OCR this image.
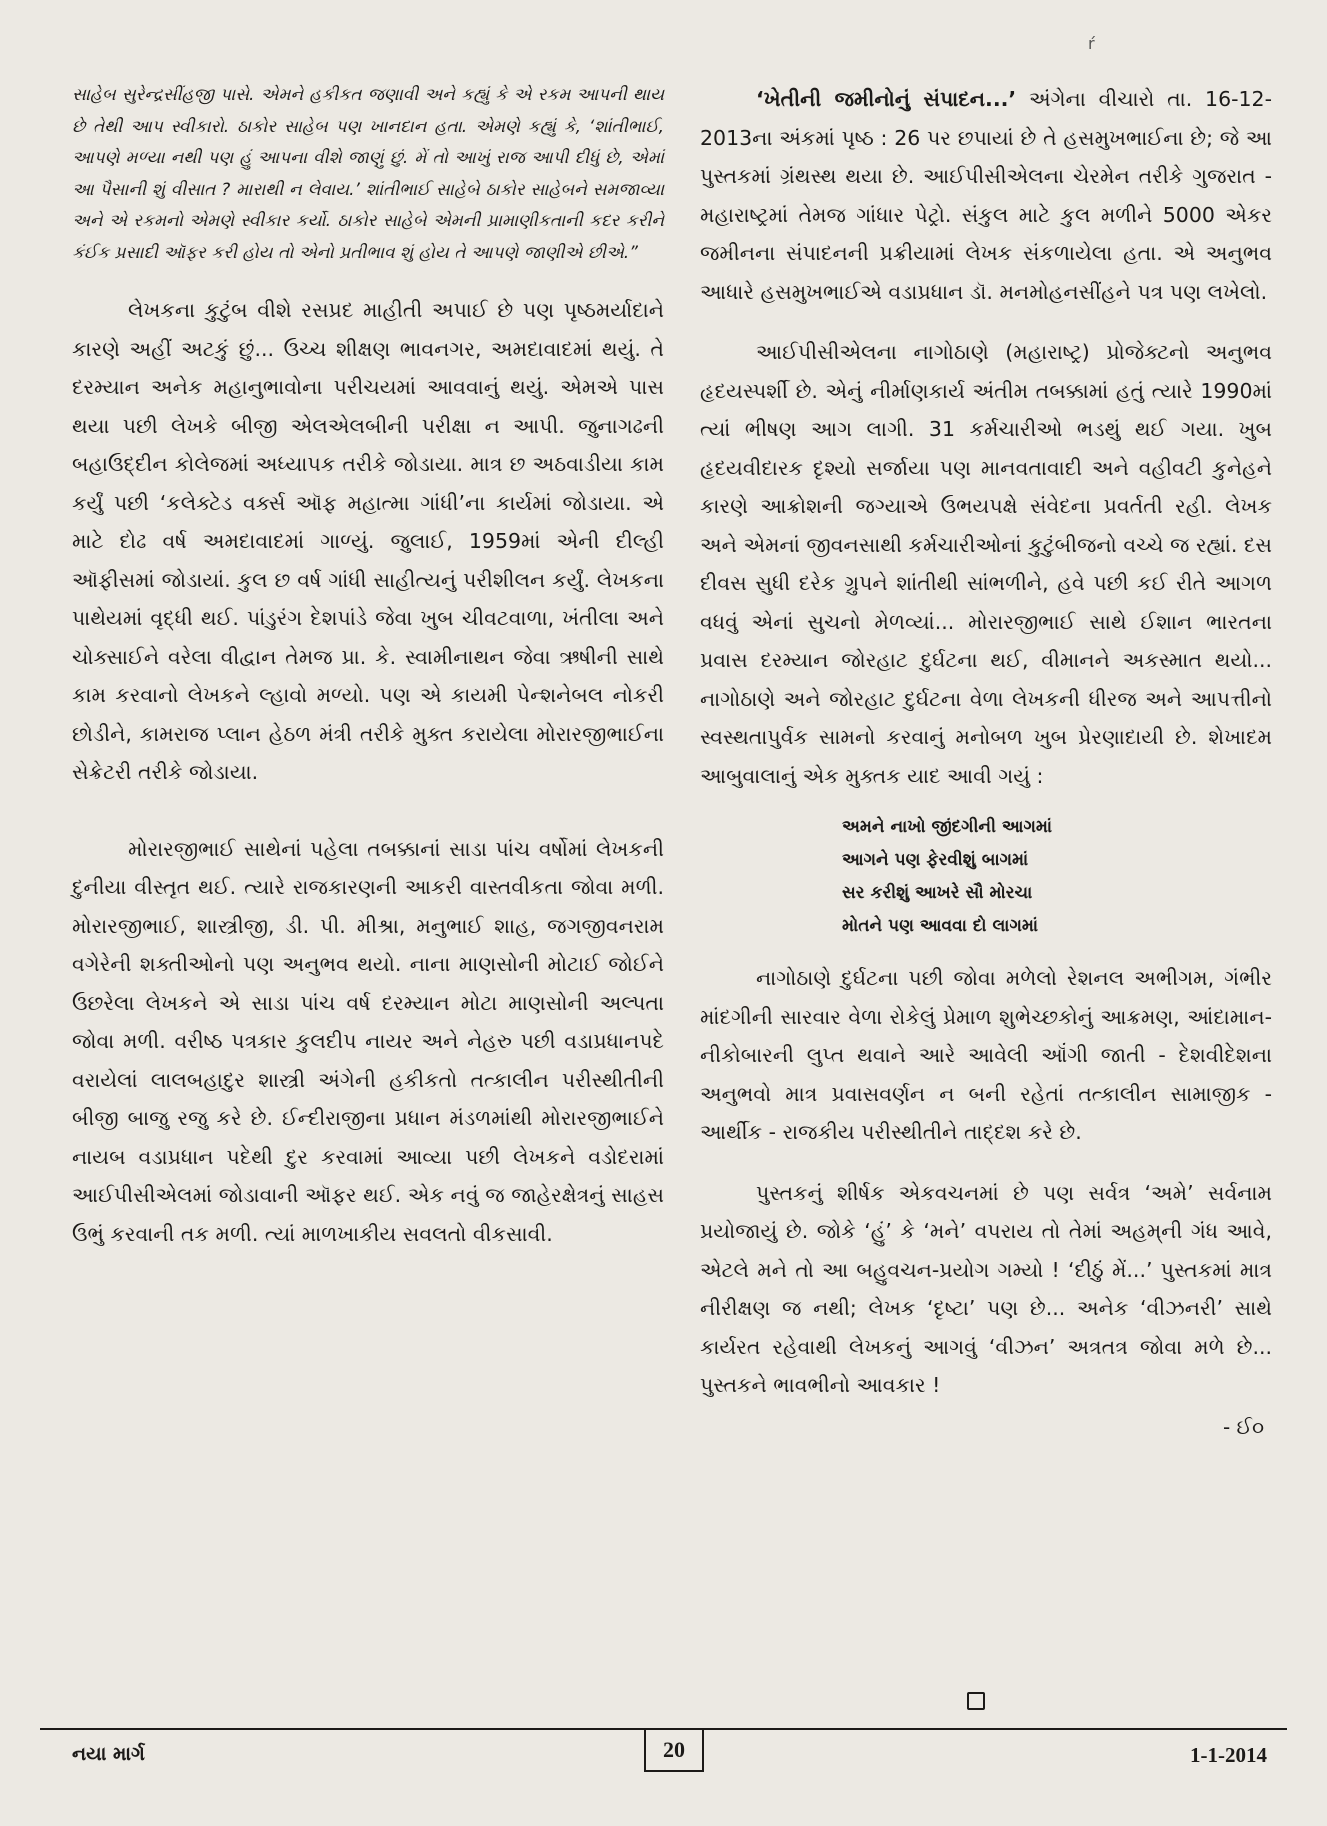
ŕ

સાહેબ સુરેન્દ્રસીંહજી પાસે. એમને હકીકત જણાવી અને કહ્યું કે એ રકમ આપની થાય છે તેથી આપ સ્વીકારો. ઠાકોર સાહેબ પણ ખાનદાન હતા. એમણે કહ્યું કે, ‘શાંતીભાઈ, આપણે મળ્યા નથી પણ હું આપના વીશે જાણું છું. મેં તો આખું રાજ આપી દીધું છે, એમાં આ પૈસાની શું વીસાત ? મારાથી ન લેવાય.’ શાંતીભાઈ સાહેબે ઠાકોર સાહેબને સમજાવ્યા અને એ રકમનો એમણે સ્વીકાર કર્યો. ઠાકોર સાહેબે એમની પ્રામાણીકતાની કદર કરીને કંઈક પ્રસાદી ઑફર કરી હોય તો એનો પ્રતીભાવ શું હોય તે આપણે જાણીએ છીએ.”

લેખકના કુટુંબ વીશે રસપ્રદ માહીતી અપાઈ છે પણ પૃષ્ઠમર્યાદાને કારણે અહીં અટકું છું... ઉચ્ચ શીક્ષણ ભાવનગર, અમદાવાદમાં થયું. તે દરમ્યાન અનેક મહાનુભાવોના પરીચયમાં આવવાનું થયું. એમએ પાસ થયા પછી લેખકે બીજી એલએલબીની પરીક્ષા ન આપી. જુનાગઢની બહાઉદ્દીન કોલેજમાં અધ્યાપક તરીકે જોડાયા. માત્ર છ અઠવાડીયા કામ કર્યું પછી ‘કલેક્ટેડ વર્ક્સ ઑફ મહાત્મા ગાંધી’ના કાર્યમાં જોડાયા. એ માટે દોઢ વર્ષ અમદાવાદમાં ગાળ્યું. જુલાઈ, 1959માં એની દીલ્હી ઑફીસમાં જોડાયાં. કુલ છ વર્ષ ગાંધી સાહીત્યનું પરીશીલન કર્યું. લેખકના પાથેયમાં વૃદ્ધી થઈ. પાંડુરંગ દેશપાંડે જેવા ખુબ ચીવટવાળા, ખંતીલા અને ચોક્સાઈને વરેલા વીદ્વાન તેમજ પ્રા. કે. સ્વામીનાથન જેવા ઋષીની સાથે કામ કરવાનો લેખકને લ્હાવો મળ્યો. પણ એ કાયમી પેન્શનેબલ નોકરી છોડીને, કામરાજ પ્લાન હેઠળ મંત્રી તરીકે મુક્ત કરાયેલા મોરારજીભાઈના સેક્રેટરી તરીકે જોડાયા.

મોરારજીભાઈ સાથેનાં પહેલા તબક્કાનાં સાડા પાંચ વર્ષોમાં લેખકની દુનીયા વીસ્તૃત થઈ. ત્યારે રાજકારણની આકરી વાસ્તવીકતા જોવા મળી. મોરારજીભાઈ, શાસ્ત્રીજી, ડી. પી. મીશ્રા, મનુભાઈ શાહ, જગજીવનરામ વગેરેની શક્તીઓનો પણ અનુભવ થયો. નાના માણસોની મોટાઈ જોઈને ઉછરેલા લેખકને એ સાડા પાંચ વર્ષ દરમ્યાન મોટા માણસોની અલ્પતા જોવા મળી. વરીષ્ઠ પત્રકાર કુલદીપ નાયર અને નેહરુ પછી વડાપ્રધાનપદે વરાયેલાં લાલબહાદુર શાસ્ત્રી અંગેની હકીકતો તત્કાલીન પરીસ્થીતીની બીજી બાજુ રજુ કરે છે. ઈન્દીરાજીના પ્રધાન મંડળમાંથી મોરારજીભાઈને નાયબ વડાપ્રધાન પદેથી દુર કરવામાં આવ્યા પછી લેખકને વડોદરામાં આઈપીસીએલમાં જોડાવાની ઑફર થઈ. એક નવું જ જાહેરક્ષેત્રનું સાહસ ઉભું કરવાની તક મળી. ત્યાં માળખાકીય સવલતો વીકસાવી.

‘ખેતીની જમીનોનું સંપાદન...’ અંગેના વીચારો તા. 16-12-2013ના અંકમાં પૃષ્ઠ : 26 પર છપાયાં છે તે હસમુખભાઈના છે; જે આ પુસ્તકમાં ગ્રંથસ્થ થયા છે. આઈપીસીએલના ચેરમેન તરીકે ગુજરાત - મહારાષ્ટ્રમાં તેમજ ગાંધાર પેટ્રો. સંકુલ માટે કુલ મળીને 5000 એકર જમીનના સંપાદનની પ્રક્રીયામાં લેખક સંકળાયેલા હતા. એ અનુભવ આધારે હસમુખભાઈએ વડાપ્રધાન ડૉ. મનમોહનસીંહને પત્ર પણ લખેલો.

આઈપીસીએલના નાગોઠાણે (મહારાષ્ટ્ર) પ્રોજેક્ટનો અનુભવ હૃદયસ્પર્શી છે. એનું નીર્માણકાર્ય અંતીમ તબક્કામાં હતું ત્યારે 1990માં ત્યાં ભીષણ આગ લાગી. 31 કર્મચારીઓ ભડથું થઈ ગયા. ખુબ હૃદયવીદારક દૃશ્યો સર્જાયા પણ માનવતાવાદી અને વહીવટી કુનેહને કારણે આક્રોશની જગ્યાએ ઉભયપક્ષે સંવેદના પ્રવર્તતી રહી. લેખક અને એમનાં જીવનસાથી કર્મચારીઓનાં કુટુંબીજનો વચ્ચે જ રહ્યાં. દસ દીવસ સુધી દરેક ગ્રુપને શાંતીથી સાંભળીને, હવે પછી કઈ રીતે આગળ વધવું એનાં સુચનો મેળવ્યાં... મોરારજીભાઈ સાથે ઈશાન ભારતના પ્રવાસ દરમ્યાન જોરહાટ દુર્ઘટના થઈ, વીમાનને અકસ્માત થયો... નાગોઠાણે અને જોરહાટ દુર્ઘટના વેળા લેખકની ધીરજ અને આપત્તીનો સ્વસ્થતાપુર્વક સામનો કરવાનું મનોબળ ખુબ પ્રેરણાદાયી છે. શેખાદમ આબુવાલાનું એક મુક્તક યાદ આવી ગયું :

અમને નાખો જીંદગીની આગમાં
આગને પણ ફેરવીશું બાગમાં
સર કરીશું આખરે સૌ મોરચા
મોતને પણ આવવા દો લાગમાં

નાગોઠાણે દુર્ઘટના પછી જોવા મળેલો રેશનલ અભીગમ, ગંભીર માંદગીની સારવાર વેળા રોકેલું પ્રેમાળ શુભેચ્છકોનું આક્રમણ, આંદામાન-નીકોબારની લુપ્ત થવાને આરે આવેલી ઑંગી જાતી - દેશવીદેશના અનુભવો માત્ર પ્રવાસવર્ણન ન બની રહેતાં તત્કાલીન સામાજીક - આર્થીક - રાજકીય પરીસ્થીતીને તાદ્દશ કરે છે.

પુસ્તકનું શીર્ષક એકવચનમાં છે પણ સર્વત્ર ‘અમે’ સર્વનામ પ્રયોજાયું છે. જોકે ‘હું’ કે ‘મને’ વપરાય તો તેમાં અહમ્‌ની ગંધ આવે, એટલે મને તો આ બહુવચન-પ્રયોગ ગમ્યો ! ‘દીઠું મેં...’ પુસ્તકમાં માત્ર નીરીક્ષણ જ નથી; લેખક ‘દૃષ્ટા’ પણ છે... અનેક ‘વીઝનરી’ સાથે કાર્યરત રહેવાથી લેખકનું આગવું ‘વીઝન’ અત્રતત્ર જોવા મળે છે... પુસ્તકને ભાવભીનો આવકાર !

- ઈ૦
નયા માર્ગ	20	1-1-2014
